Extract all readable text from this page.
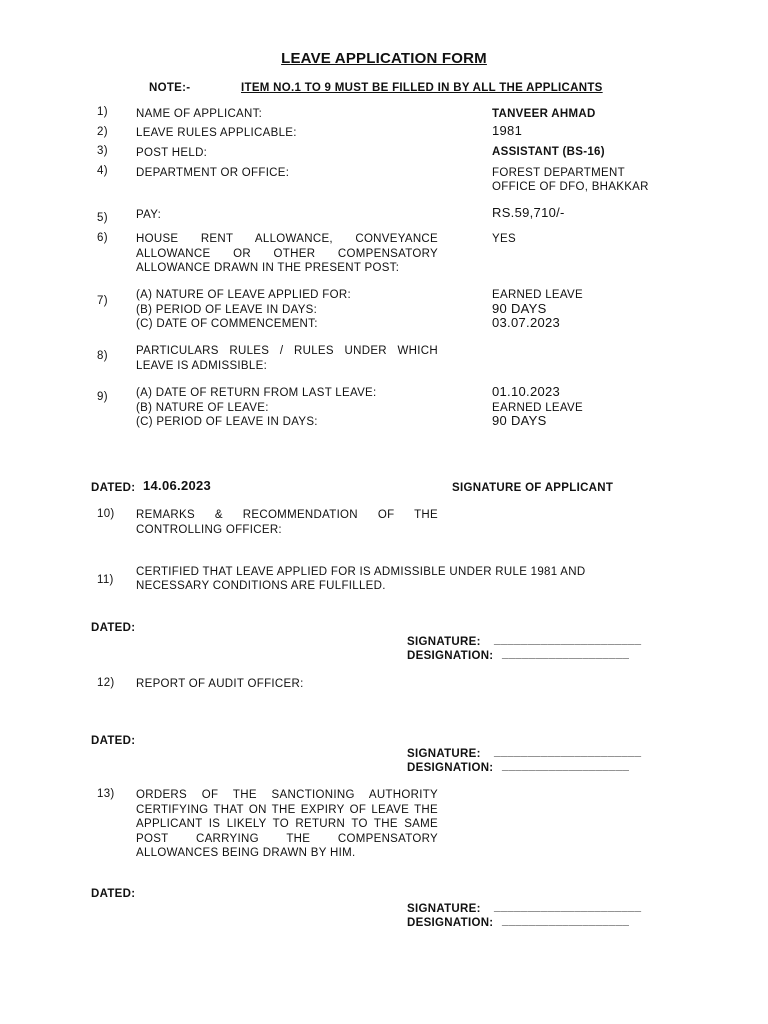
LEAVE APPLICATION FORM
NOTE:-	ITEM NO.1 TO 9 MUST BE FILLED IN BY ALL THE APPLICANTS
1) NAME OF APPLICANT:	TANVEER AHMAD
2) LEAVE RULES APPLICABLE:	1981
3) POST HELD:	ASSISTANT (BS-16)
4) DEPARTMENT OR OFFICE:	FOREST DEPARTMENT
OFFICE OF DFO, BHAKKAR
5) PAY:	RS.59,710/-
6) HOUSE RENT ALLOWANCE, CONVEYANCE ALLOWANCE OR OTHER COMPENSATORY ALLOWANCE DRAWN IN THE PRESENT POST:
YES
7) (A) NATURE OF LEAVE APPLIED FOR:	EARNED LEAVE
(B) PERIOD OF LEAVE IN DAYS:	90 DAYS
(C) DATE OF COMMENCEMENT:	03.07.2023
8) PARTICULARS RULES / RULES UNDER WHICH LEAVE IS ADMISSIBLE:
9) (A) DATE OF RETURN FROM LAST LEAVE:	01.10.2023
(B) NATURE OF LEAVE:	EARNED LEAVE
(C) PERIOD OF LEAVE IN DAYS:	90 DAYS
DATED: 14.06.2023	SIGNATURE OF APPLICANT
10) REMARKS & RECOMMENDATION OF THE CONTROLLING OFFICER:
11)
CERTIFIED THAT LEAVE APPLIED FOR IS ADMISSIBLE UNDER RULE 1981 AND
NECESSARY CONDITIONS ARE FULFILLED.
DATED:
SIGNATURE: ______________________
DESIGNATION: ___________________
12) REPORT OF AUDIT OFFICER:
DATED:
SIGNATURE: ______________________
DESIGNATION: ___________________
13) ORDERS OF THE SANCTIONING AUTHORITY CERTIFYING THAT ON THE EXPIRY OF LEAVE THE APPLICANT IS LIKELY TO RETURN TO THE SAME POST CARRYING THE COMPENSATORY ALLOWANCES BEING DRAWN BY HIM.
DATED:
SIGNATURE: ______________________
DESIGNATION: ___________________
